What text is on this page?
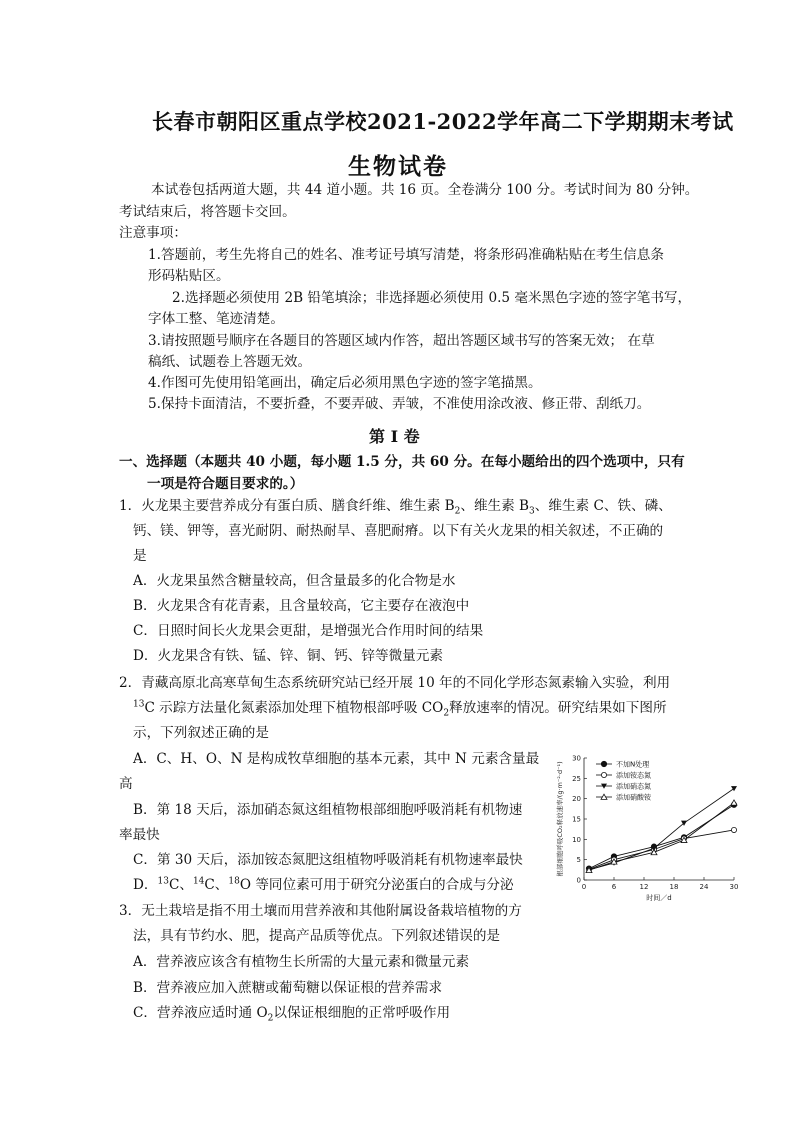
长春市朝阳区重点学校2021-2022学年高二下学期期末考试
生物试卷
本试卷包括两道大题，共 44 道小题。共 16 页。全卷满分 100 分。考试时间为 80 分钟。
考试结束后，将答题卡交回。
注意事项：
1.答题前，考生先将自己的姓名、准考证号填写清楚，将条形码准确粘贴在考生信息条
形码粘贴区。
2.选择题必须使用 2B 铅笔填涂；非选择题必须使用 0.5 毫米黑色字迹的签字笔书写，
字体工整、笔迹清楚。
3.请按照题号顺序在各题目的答题区域内作答，超出答题区域书写的答案无效； 在草
稿纸、试题卷上答题无效。
4.作图可先使用铅笔画出，确定后必须用黑色字迹的签字笔描黑。
5.保持卡面清洁，不要折叠，不要弄破、弄皱，不准使用涂改液、修正带、刮纸刀。
第 I 卷
一、选择题（本题共 40 小题，每小题 1.5 分，共 60 分。在每小题给出的四个选项中，只有
一项是符合题目要求的。）
1．火龙果主要营养成分有蛋白质、膳食纤维、维生素 $B_2$、维生素 $B_3$、维生素 C、铁、磷、
钙、镁、钾等，喜光耐阴、耐热耐旱、喜肥耐瘠。以下有关火龙果的相关叙述，不正确的
是
A．火龙果虽然含糖量较高，但含量最多的化合物是水
B．火龙果含有花青素，且含量较高，它主要存在液泡中
C．日照时间长火龙果会更甜，是增强光合作用时间的结果
D．火龙果含有铁、锰、锌、铜、钙、锌等微量元素
2．青藏高原北高寒草甸生态系统研究站已经开展 10 年的不同化学形态氮素输入实验，利用
$^{13}$C 示踪方法量化氮素添加处理下植物根部呼吸 $CO_2$释放速率的情况。研究结果如下图所
示，下列叙述正确的是
A．C、H、O、N 是构成牧草细胞的基本元素，其中 N 元素含量最
高
B．第 18 天后，添加硝态氮这组植物根部细胞呼吸消耗有机物速
率最快
C．第 30 天后，添加铵态氮肥这组植物呼吸消耗有机物速率最快
D．$^{13}$C、$^{14}$C、$^{18}$O 等同位素可用于研究分泌蛋白的合成与分泌
3．无土栽培是指不用土壤而用营养液和其他附属设备栽培植物的方
法，具有节约水、肥，提高产品质等优点。下列叙述错误的是
A．营养液应该含有植物生长所需的大量元素和微量元素
B．营养液应加入蔗糖或葡萄糖以保证根的营养需求
C．营养液应适时通 $O_2$以保证根细胞的正常呼吸作用
0
5
10
15
20
25
30
0	6	12	18	24	30
时间／d
根部细胞呼吸CO₂释放速率/(g·m⁻²·d⁻¹)	不加N处理
添加铵态氮
添加硝态氮
添加硝酸铵
